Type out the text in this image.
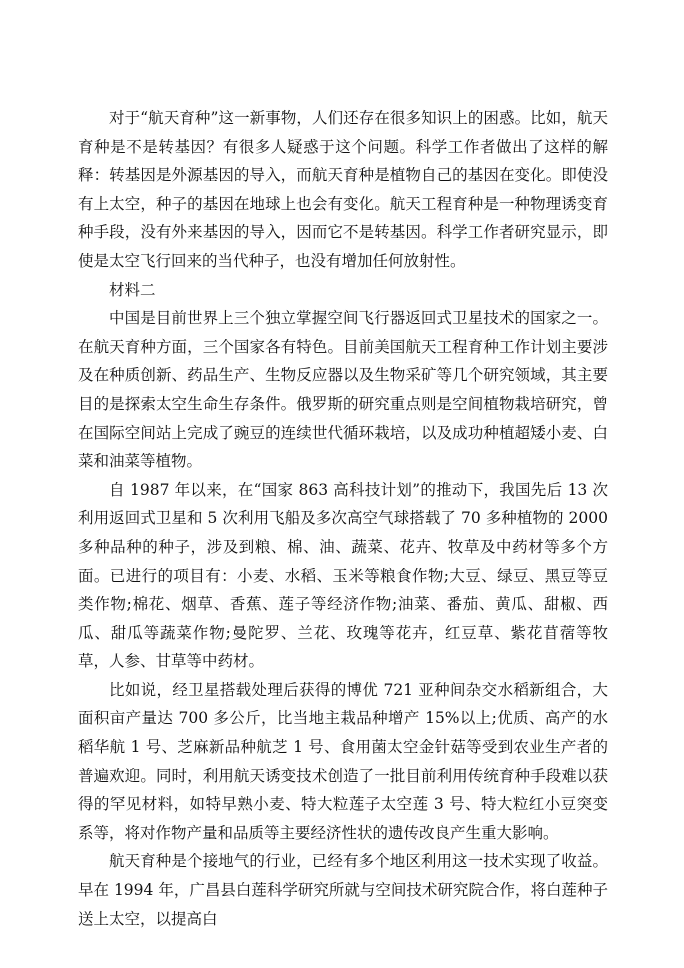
对于“航天育种”这一新事物，人们还存在很多知识上的困惑。比如，航天育种是不是转基因？有很多人疑惑于这个问题。科学工作者做出了这样的解释：转基因是外源基因的导入，而航天育种是植物自己的基因在变化。即使没有上太空，种子的基因在地球上也会有变化。航天工程育种是一种物理诱变育种手段，没有外来基因的导入，因而它不是转基因。科学工作者研究显示，即使是太空飞行回来的当代种子，也没有增加任何放射性。

材料二

中国是目前世界上三个独立掌握空间飞行器返回式卫星技术的国家之一。在航天育种方面，三个国家各有特色。目前美国航天工程育种工作计划主要涉及在种质创新、药品生产、生物反应器以及生物采矿等几个研究领域，其主要目的是探索太空生命生存条件。俄罗斯的研究重点则是空间植物栽培研究，曾在国际空间站上完成了豌豆的连续世代循环栽培，以及成功种植超矮小麦、白菜和油菜等植物。

自 1987 年以来，在“国家 863 高科技计划”的推动下，我国先后 13 次利用返回式卫星和 5 次利用飞船及多次高空气球搭载了 70 多种植物的 2000 多种品种的种子，涉及到粮、棉、油、蔬菜、花卉、牧草及中药材等多个方面。已进行的项目有：小麦、水稻、玉米等粮食作物;大豆、绿豆、黑豆等豆类作物;棉花、烟草、香蕉、莲子等经济作物;油菜、番茄、黄瓜、甜椒、西瓜、甜瓜等蔬菜作物;曼陀罗、兰花、玫瑰等花卉，红豆草、紫花苜蓿等牧草，人参、甘草等中药材。

比如说，经卫星搭载处理后获得的博优 721 亚种间杂交水稻新组合，大面积亩产量达 700 多公斤，比当地主栽品种增产 15%以上;优质、高产的水稻华航 1 号、芝麻新品种航芝 1 号、食用菌太空金针菇等受到农业生产者的普遍欢迎。同时，利用航天诱变技术创造了一批目前利用传统育种手段难以获得的罕见材料，如特早熟小麦、特大粒莲子太空莲 3 号、特大粒红小豆突变系等，将对作物产量和品质等主要经济性状的遗传改良产生重大影响。

航天育种是个接地气的行业，已经有多个地区利用这一技术实现了收益。早在 1994 年，广昌县白莲科学研究所就与空间技术研究院合作，将白莲种子送上太空，以提高白
